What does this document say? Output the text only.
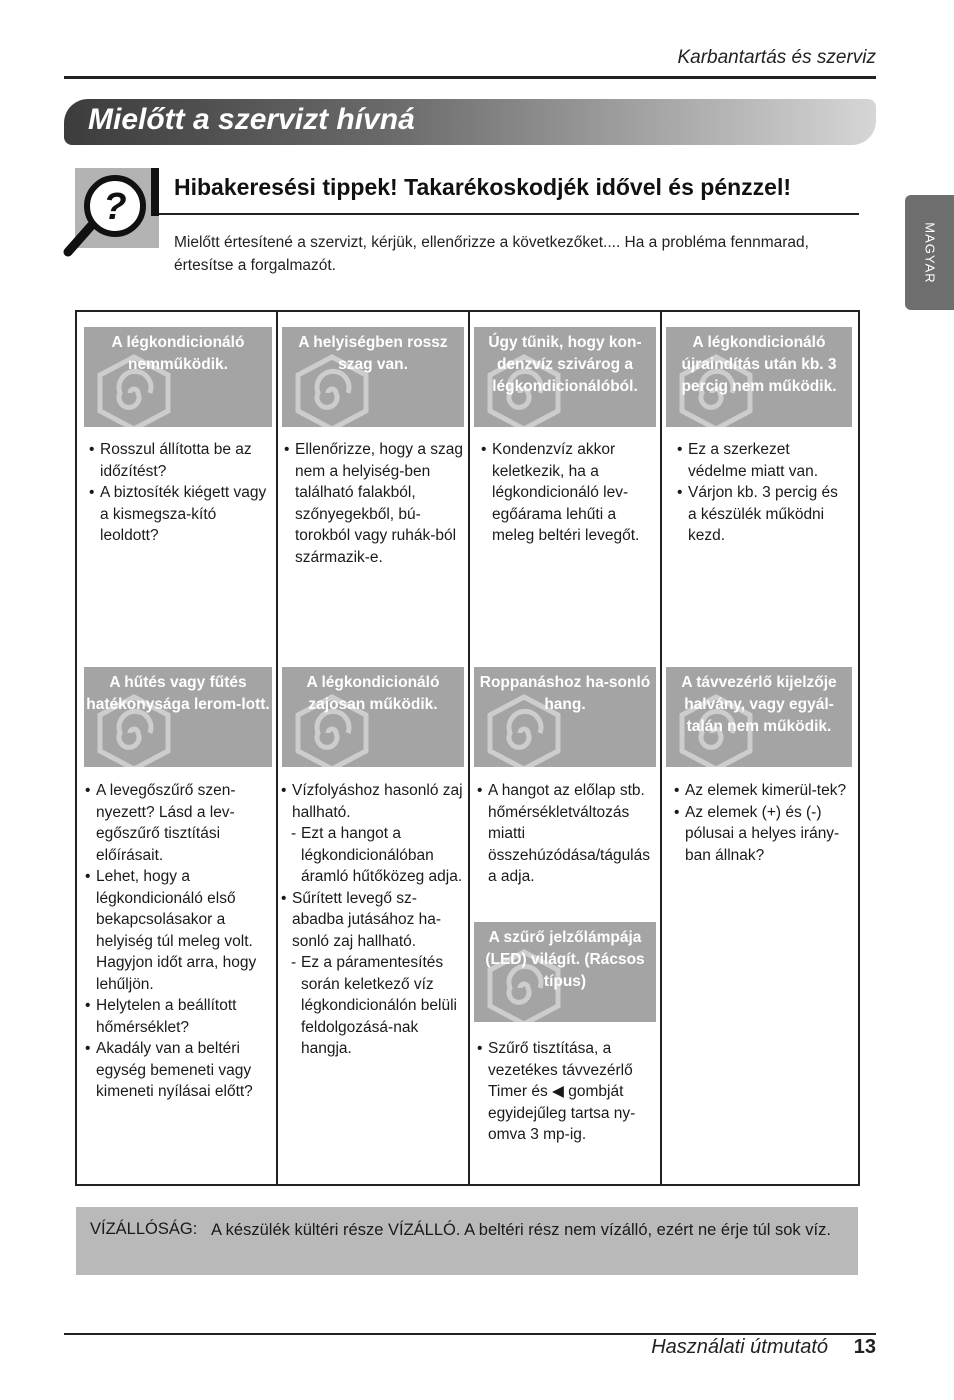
Karbantartás és szerviz
Mielőtt a szervizt hívná
? Hibakeresési tippek! Takarékoskodjék idővel és pénzzel!
Mielőtt értesítené a szervizt, kérjük, ellenőrizze a következőket.... Ha a probléma fennmarad, értesítse a forgalmazót.	MAGYAR
A légkondicionáló nemműködik.
• Rosszul állította be az időzítést?
• A biztosíték kiégett vagy a kismegsza-kító leoldott?
A helyiségben rossz szag van.
• Ellenőrizze, hogy a szag nem a helyiség-ben található falakból, szőnyegekből, bú-torokból vagy ruhák-ból származik-e.
Úgy tűnik, hogy kon-denzvíz szivárog a légkondicionálóból.
• Kondenzvíz akkor keletkezik, ha a légkondicionáló lev-egőárama lehűti a meleg beltéri levegőt.
A légkondicionáló újraindítás után kb. 3 percig nem működik.
• Ez a szerkezet védelme miatt van.
• Várjon kb. 3 percig és a készülék működni kezd.
A hűtés vagy fűtés hatékonysága lerom-lott.
• A levegőszűrő szen-nyezett? Lásd a lev-egőszűrő tisztítási előírásait.
• Lehet, hogy a légkondicionáló első bekapcsolásakor a helyiség túl meleg volt. Hagyjon időt arra, hogy lehűljön.
• Helytelen a beállított hőmérséklet?
• Akadály van a beltéri egység bemeneti vagy kimeneti nyílásai előtt?
A légkondicionáló zajosan működik.
• Vízfolyáshoz hasonló zaj hallható.
- Ezt a hangot a légkondicionálóban áramló hűtőközeg adja.
• Sűrített levegő sz-abadba jutásához ha-sonló zaj hallható.
- Ez a páramentesítés során keletkező víz légkondicionálón belüli feldolgozásá-nak hangja.
Roppanáshoz ha-sonló hang.
• A hangot az előlap stb. hőmérsékletváltozás miatti összehúzódása/tágulás a adja.
A távvezérlő kijelzője halvány, vagy egyál-talán nem működik.
• Az elemek kimerül-tek?
• Az elemek (+) és (-) pólusai a helyes irány-ban állnak?
A szűrő jelzőlámpája (LED) világít. (Rácsos típus)
• Szűrő tisztítása, a vezetékes távvezérlő Timer és ◀ gombját egyidejűleg tartsa ny-omva 3 mp-ig.
VÍZÁLLÓSÁG: A készülék kültéri része VÍZÁLLÓ. A beltéri rész nem vízálló, ezért ne érje túl sok víz.
Használati útmutató 13
